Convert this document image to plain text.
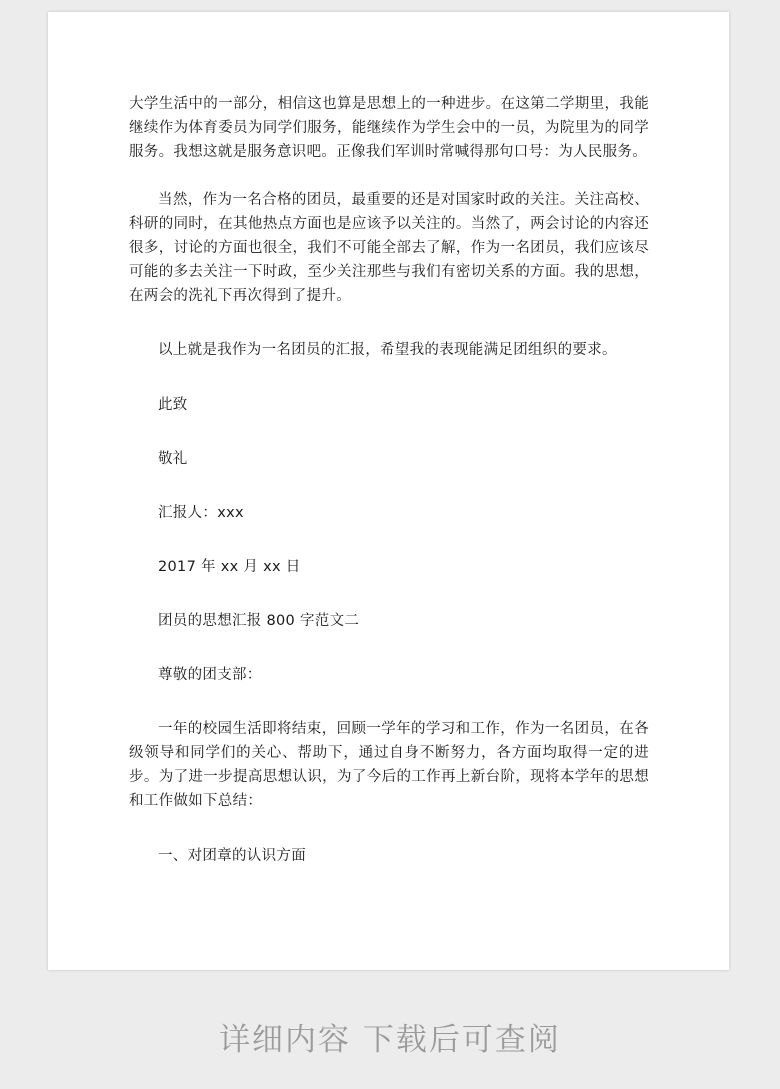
大学生活中的一部分，相信这也算是思想上的一种进步。在这第二学期里，我能继续作为体育委员为同学们服务，能继续作为学生会中的一员，为院里为的同学服务。我想这就是服务意识吧。正像我们军训时常喊得那句口号：为人民服务。

当然，作为一名合格的团员，最重要的还是对国家时政的关注。关注高校、科研的同时，在其他热点方面也是应该予以关注的。当然了，两会讨论的内容还很多，讨论的方面也很全，我们不可能全部去了解，作为一名团员，我们应该尽可能的多去关注一下时政，至少关注那些与我们有密切关系的方面。我的思想，在两会的洗礼下再次得到了提升。

以上就是我作为一名团员的汇报，希望我的表现能满足团组织的要求。

此致

敬礼

汇报人：xxx

2017 年 xx 月 xx 日

团员的思想汇报 800 字范文二

尊敬的团支部：

一年的校园生活即将结束，回顾一学年的学习和工作，作为一名团员，在各级领导和同学们的关心、帮助下，通过自身不断努力，各方面均取得一定的进步。为了进一步提高思想认识，为了今后的工作再上新台阶，现将本学年的思想和工作做如下总结：

一、对团章的认识方面

详细内容 下载后可查阅
